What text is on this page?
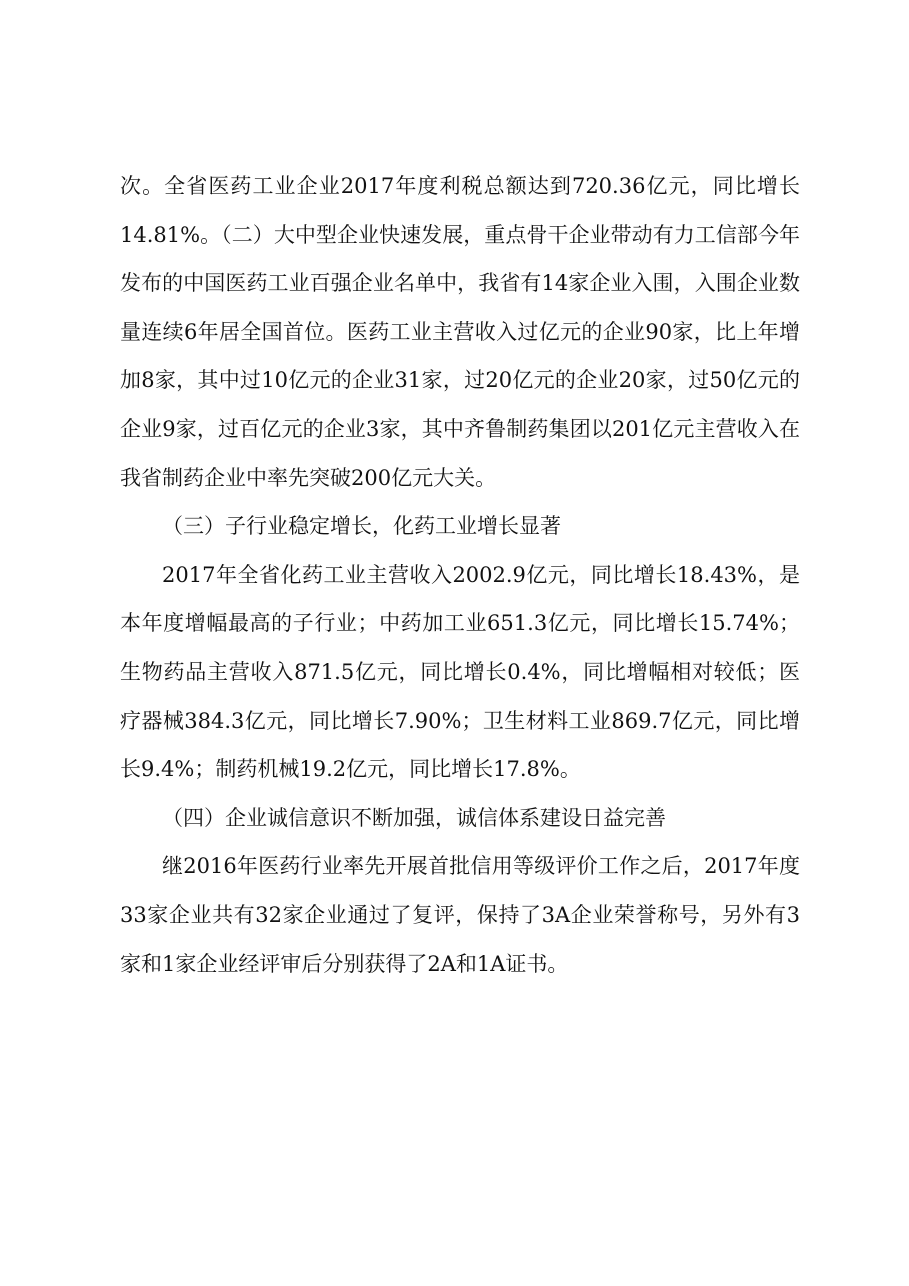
次。全省医药工业企业2017年度利税总额达到720.36亿元，同比增长14.81%。（二）大中型企业快速发展，重点骨干企业带动有力工信部今年发布的中国医药工业百强企业名单中，我省有14家企业入围，入围企业数量连续6年居全国首位。医药工业主营收入过亿元的企业90家，比上年增加8家，其中过10亿元的企业31家，过20亿元的企业20家，过50亿元的企业9家，过百亿元的企业3家，其中齐鲁制药集团以201亿元主营收入在我省制药企业中率先突破200亿元大关。

（三）子行业稳定增长，化药工业增长显著

2017年全省化药工业主营收入2002.9亿元，同比增长18.43%，是本年度增幅最高的子行业；中药加工业651.3亿元，同比增长15.74%；生物药品主营收入871.5亿元，同比增长0.4%，同比增幅相对较低；医疗器械384.3亿元，同比增长7.90%；卫生材料工业869.7亿元，同比增长9.4%；制药机械19.2亿元，同比增长17.8%。

（四）企业诚信意识不断加强，诚信体系建设日益完善

继2016年医药行业率先开展首批信用等级评价工作之后，2017年度33家企业共有32家企业通过了复评，保持了3A企业荣誉称号，另外有3家和1家企业经评审后分别获得了2A和1A证书。
